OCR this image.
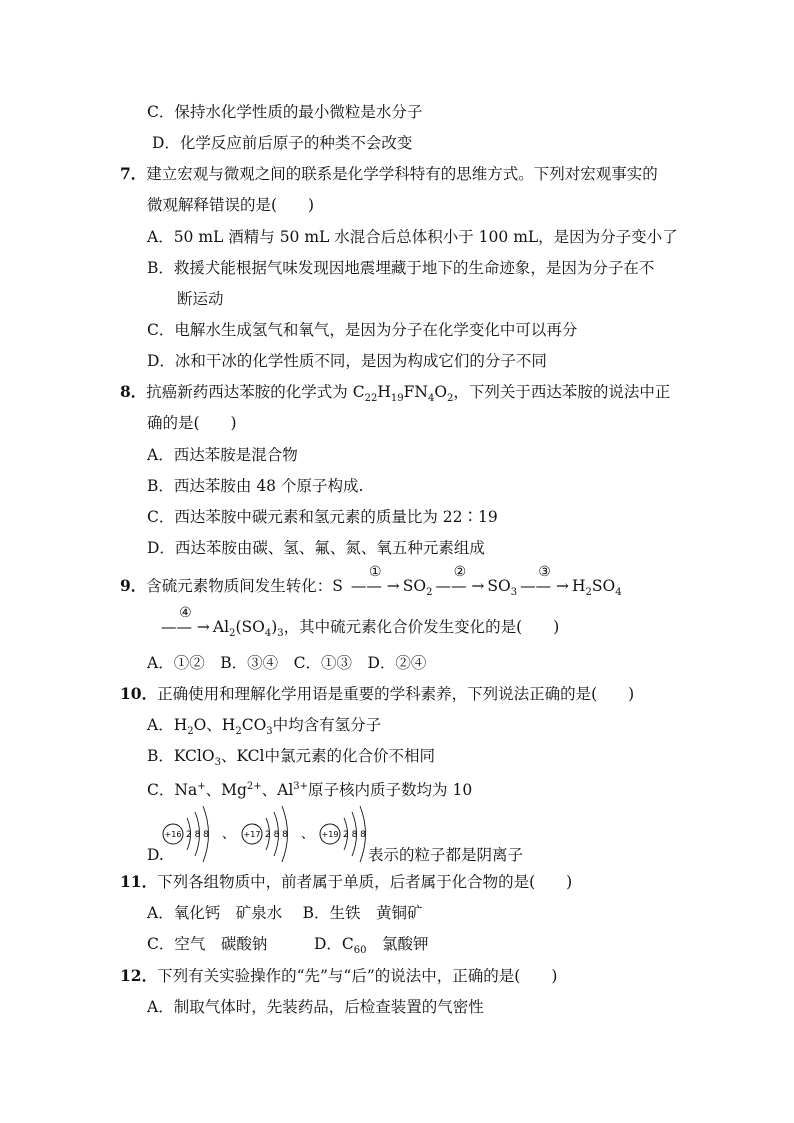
C．保持水化学性质的最小微粒是水分子
D．化学反应前后原子的种类不会改变
7．建立宏观与微观之间的联系是化学学科特有的思维方式。下列对宏观事实的
微观解释错误的是(　　)
A．50 mL 酒精与 50 mL 水混合后总体积小于 100 mL，是因为分子变小了
B．救援犬能根据气味发现因地震埋藏于地下的生命迹象，是因为分子在不
断运动
C．电解水生成氢气和氧气，是因为分子在化学变化中可以再分
D．冰和干冰的化学性质不同，是因为构成它们的分子不同
8．抗癌新药西达苯胺的化学式为 $C_{22}H_{19}FN_4O_2$，下列关于西达苯胺的说法中正
确的是(　　)
A．西达苯胺是混合物
B．西达苯胺由 48 个原子构成.
C．西达苯胺中碳元素和氢元素的质量比为 22∶19
D．西达苯胺由碳、氢、氟、氮、氧五种元素组成
9．含硫元素物质间发生转化：S
①
—— → $SO_2$
②
—— → $SO_3$
③
—— → $H_2SO_4$
④
—— → $Al_2(SO_4)_3$，其中硫元素化合价发生变化的是(　　)
A．①②　B．③④　C．①③　D．②④
10．正确使用和理解化学用语是重要的学科素养，下列说法正确的是(　　)
A．$H_2O$、$H_2CO_3$中均含有氢分子
B．KClO$_3$、KCl中氯元素的化合价不相同
C．Na+、$Mg^{2+}$、$Al^{3+}$原子核内质子数均为 10
D.
+16 2 8 8 、 +17 2 8 8 、 +19 2 8 8
表示的粒子都是阴离子
11．下列各组物质中，前者属于单质，后者属于化合物的是(　　)
A．氧化钙　矿泉水　 B．生铁　黄铜矿
C．空气　碳酸钠	D．$C_{60}$　氯酸钾
12．下列有关实验操作的“先”与“后”的说法中，正确的是(　　)
A．制取气体时，先装药品，后检查装置的气密性
